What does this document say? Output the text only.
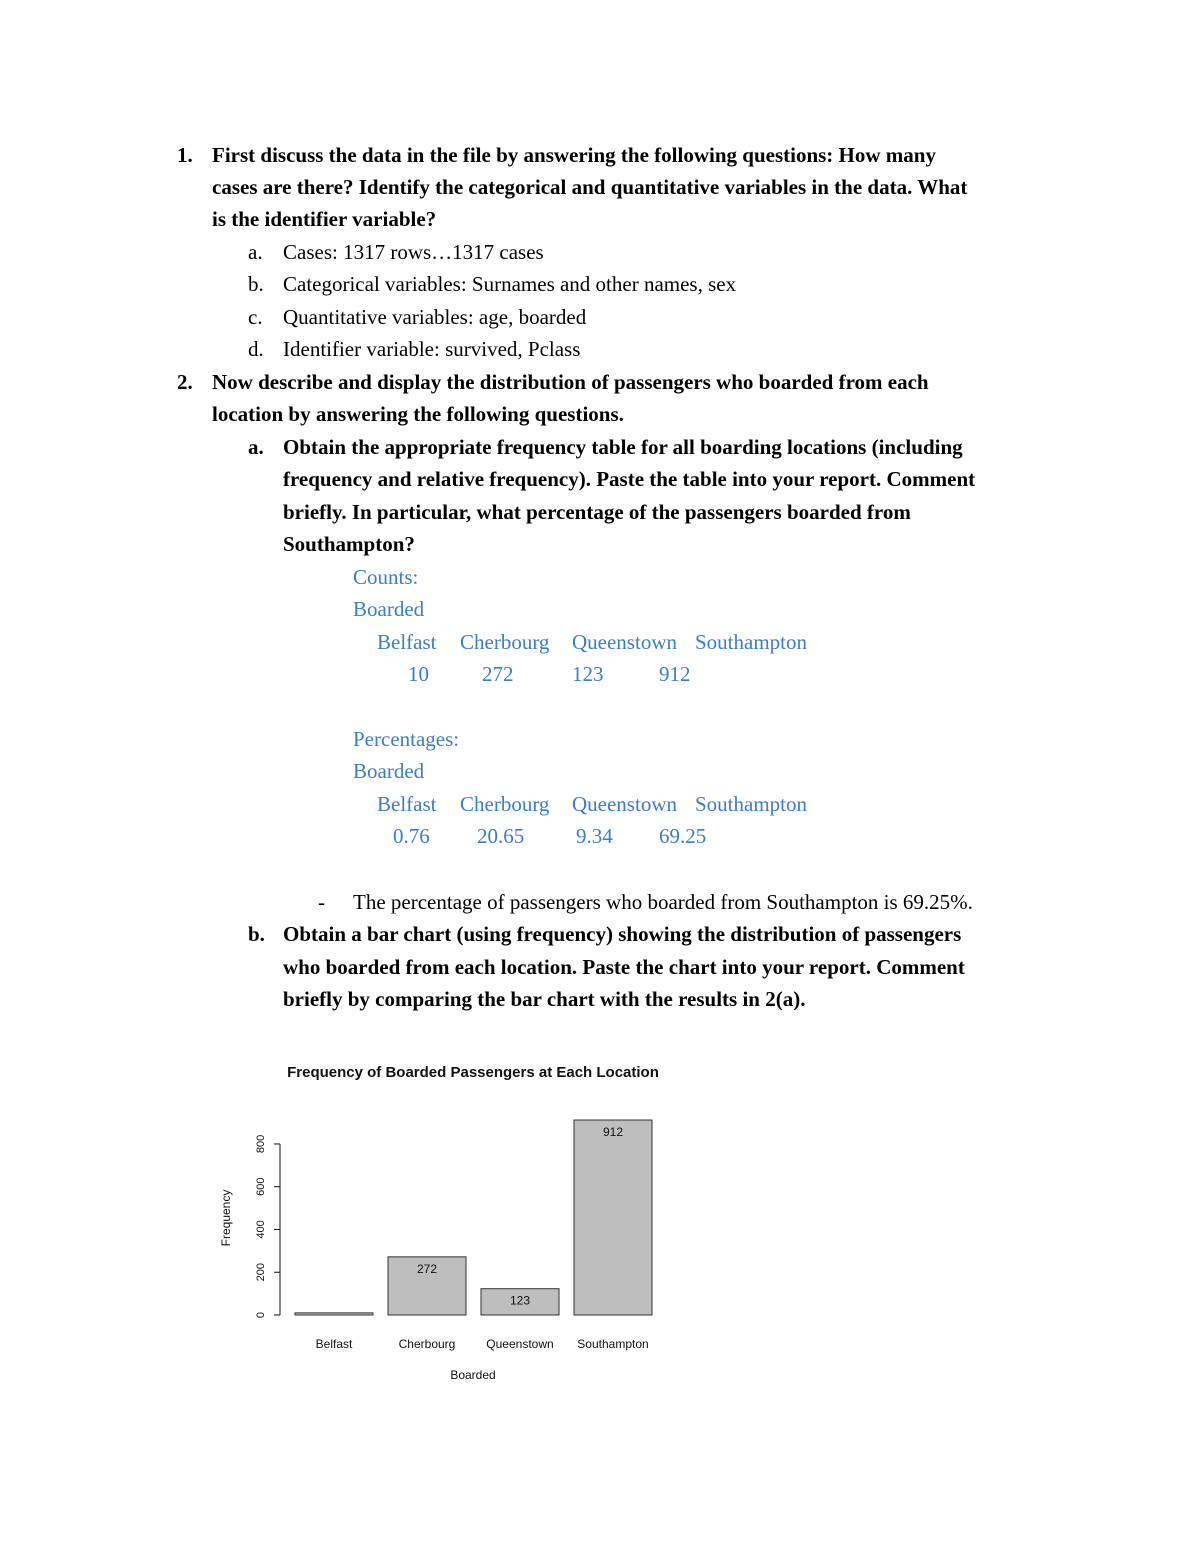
1. First discuss the data in the file by answering the following questions: How many
cases are there? Identify the categorical and quantitative variables in the data. What
is the identifier variable?
a. Cases: 1317 rows…1317 cases
b. Categorical variables: Surnames and other names, sex
c. Quantitative variables: age, boarded
d. Identifier variable: survived, Pclass
2. Now describe and display the distribution of passengers who boarded from each
location by answering the following questions.
a. Obtain the appropriate frequency table for all boarding locations (including
frequency and relative frequency). Paste the table into your report. Comment
briefly. In particular, what percentage of the passengers boarded from
Southampton?
Counts:
Boarded
Belfast Cherbourg Queenstown Southampton
10	272	123	912
Percentages:
Boarded
Belfast Cherbourg Queenstown Southampton
0.76 20.65 9.34 69.25
- The percentage of passengers who boarded from Southampton is 69.25%.
b. Obtain a bar chart (using frequency) showing the distribution of passengers
who boarded from each location. Paste the chart into your report. Comment
briefly by comparing the bar chart with the results in 2(a).
Frequency of Boarded Passengers at Each Location
0
200
400
600
800
272
123
912
Belfast	Cherbourg	Queenstown Southampton
Frequency
Boarded
